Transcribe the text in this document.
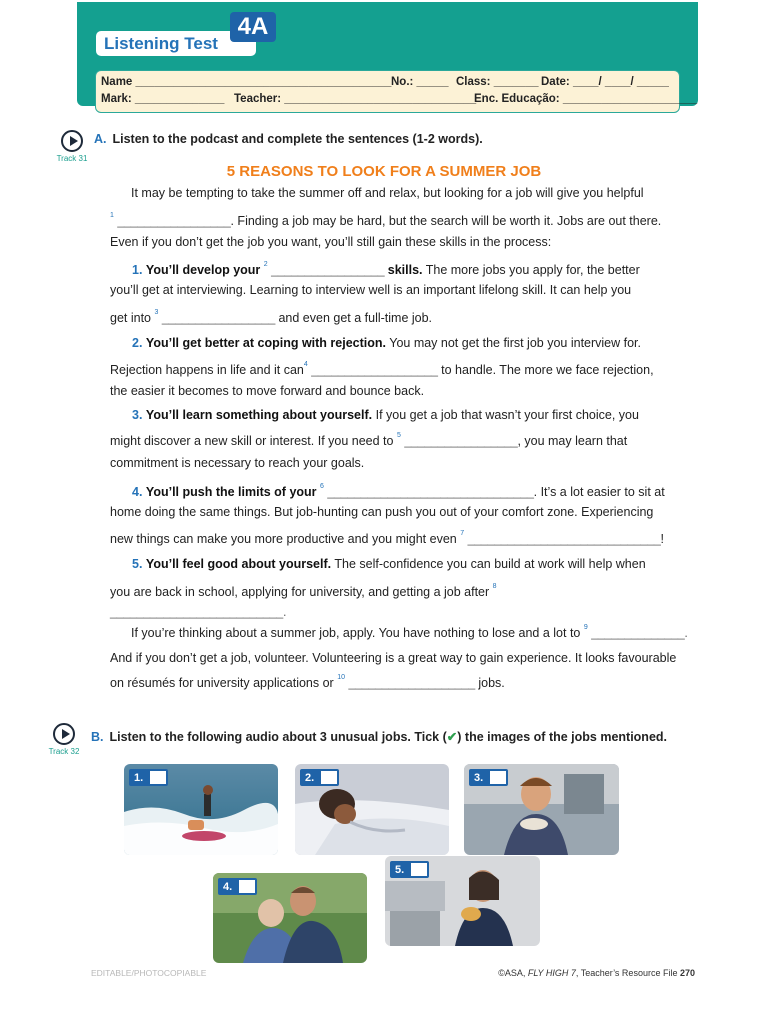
Listening Test
4A
Name ________________________________________ No.: _____ Class: _______ Date: ____/ ____/ _____
Mark: ______________ Teacher: ______________________________
Enc. Educação: _____________________
Track 31
A. Listen to the podcast and complete the sentences (1-2 words).
5 REASONS TO LOOK FOR A SUMMER JOB
It may be tempting to take the summer off and relax, but looking for a job will give you helpful
$^1$ _________________. Finding a job may be hard, but the search will be worth it. Jobs are out there.
Even if you don’t get the job you want, you’ll still gain these skills in the process:
1. You’ll develop your $^2$ _________________ skills. The more jobs you apply for, the better
you’ll get at interviewing. Learning to interview well is an important lifelong skill. It can help you
get into $^3$ _________________ and even get a full-time job.
2. You’ll get better at coping with rejection. You may not get the first job you interview for.
Rejection happens in life and it can$^4$ ___________________ to handle. The more we face rejection,
the easier it becomes to move forward and bounce back.
3. You’ll learn something about yourself. If you get a job that wasn’t your first choice, you
might discover a new skill or interest. If you need to $^5$ _________________, you may learn that
commitment is necessary to reach your goals.
4. You’ll push the limits of your $^6$ _______________________________. It’s a lot easier to sit at
home doing the same things. But job-hunting can push you out of your comfort zone. Experiencing
new things can make you more productive and you might even $^7$ _____________________________!
5. You’ll feel good about yourself. The self-confidence you can build at work will help when
you are back in school, applying for university, and getting a job after $^8$
__________________________.
If you’re thinking about a summer job, apply. You have nothing to lose and a lot to $^9$ ______________.
And if you don’t get a job, volunteer. Volunteering is a great way to gain experience. It looks favourable
on résumés for university applications or $^{10}$ ___________________ jobs.
Track 32
B. Listen to the following audio about 3 unusual jobs. Tick (✔) the images of the jobs mentioned.
1.	2.	3.
4.
5.
EDITABLE/PHOTOCOPIABLE	©ASA, FLY HIGH 7, Teacher’s Resource File 270
